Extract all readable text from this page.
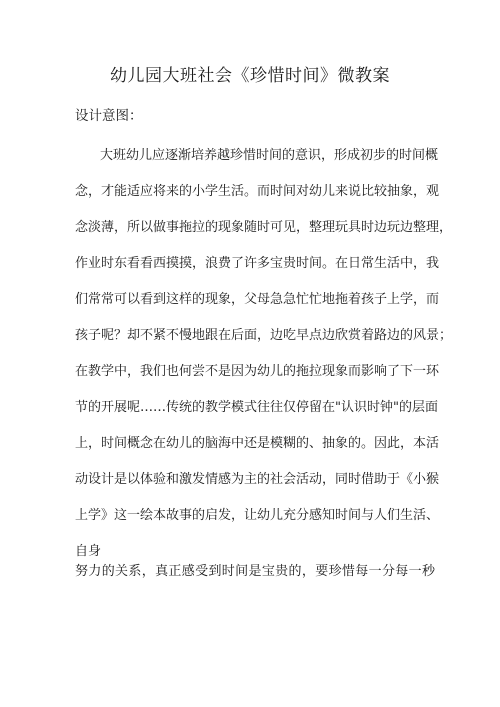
幼儿园大班社会《珍惜时间》微教案
设计意图：
大班幼儿应逐渐培养越珍惜时间的意识，形成初步的时间概
念，才能适应将来的小学生活。而时间对幼儿来说比较抽象，观
念淡薄，所以做事拖拉的现象随时可见，整理玩具时边玩边整理，
作业时东看看西摸摸，浪费了许多宝贵时间。在日常生活中，我
们常常可以看到这样的现象，父母急急忙忙地拖着孩子上学，而
孩子呢？却不紧不慢地跟在后面，边吃早点边欣赏着路边的风景；
在教学中，我们也何尝不是因为幼儿的拖拉现象而影响了下一环
节的开展呢……传统的教学模式往往仅停留在"认识时钟"的层面
上，时间概念在幼儿的脑海中还是模糊的、抽象的。因此，本活
动设计是以体验和激发情感为主的社会活动，同时借助于《小猴
上学》这一绘本故事的启发，让幼儿充分感知时间与人们生活、
自身
努力的关系，真正感受到时间是宝贵的，要珍惜每一分每一秒
